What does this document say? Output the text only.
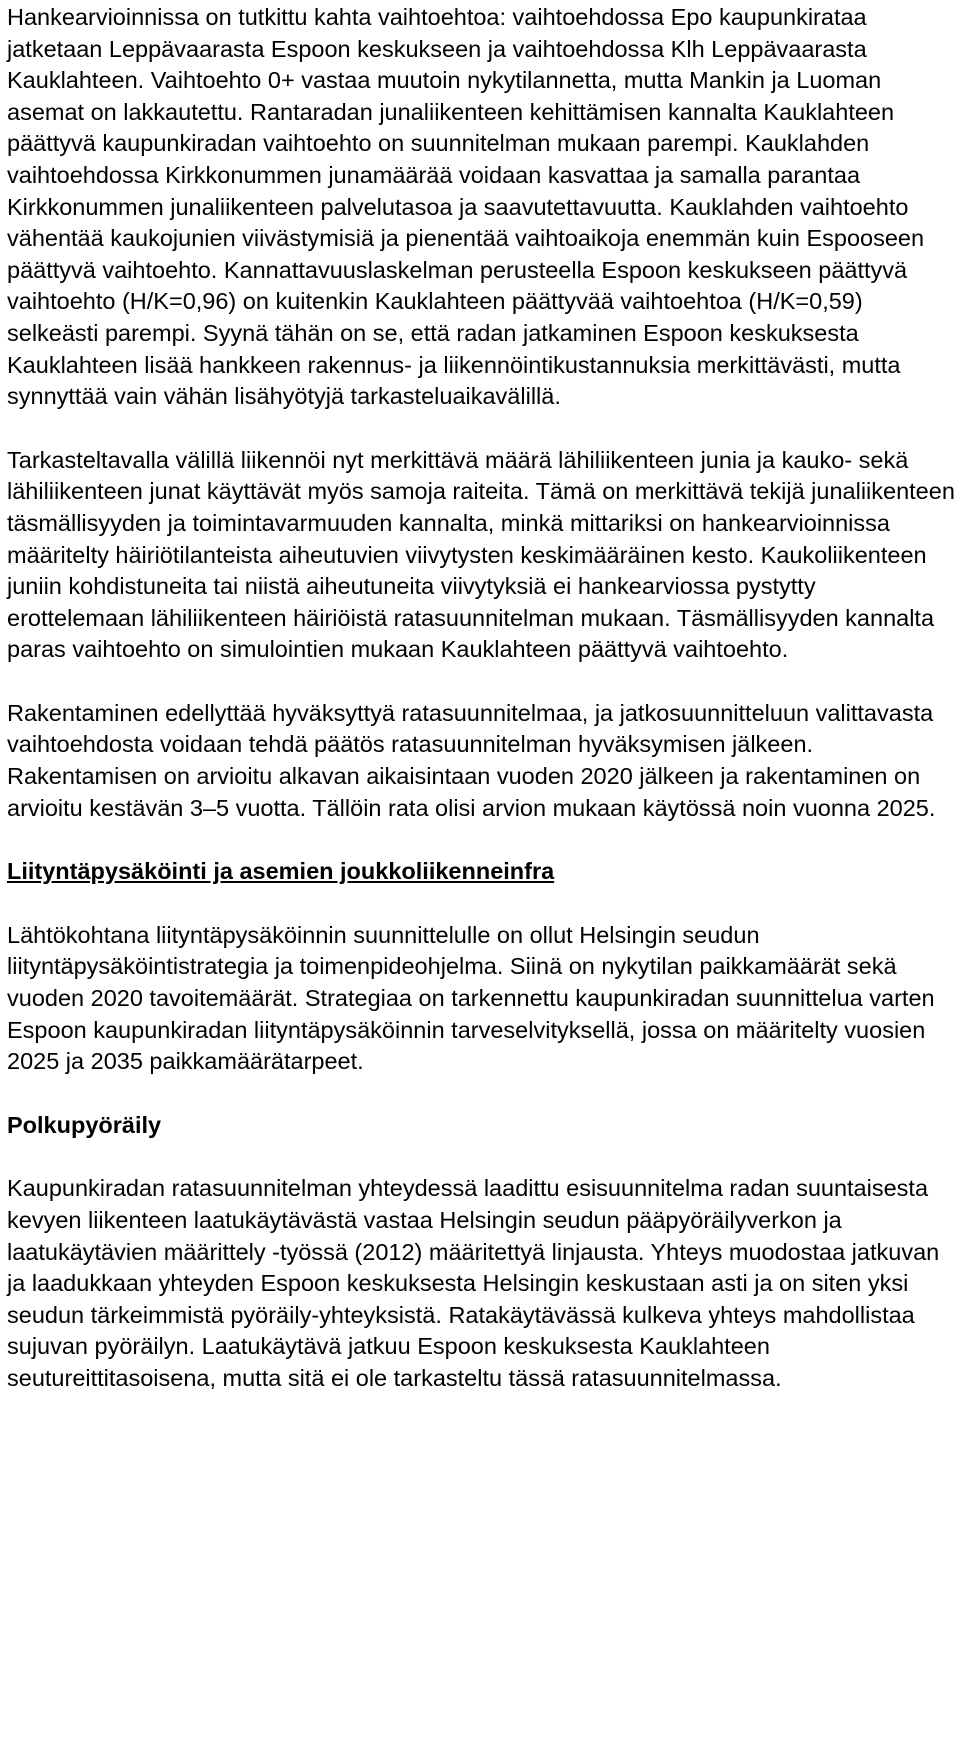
Hankearvioinnissa on tutkittu kahta vaihtoehtoa: vaihtoehdossa Epo kaupunkirataa jatketaan Leppävaarasta Espoon keskukseen ja vaihtoehdossa Klh Leppävaarasta Kauklahteen. Vaihtoehto 0+ vastaa muutoin nykytilannetta, mutta Mankin ja Luoman asemat on lakkautettu. Rantaradan junaliikenteen kehittämisen kannalta Kauklahteen päättyvä kaupunkiradan vaihtoehto on suunnitelman mukaan parempi. Kauklahden vaihtoehdossa Kirkkonummen junamäärää voidaan kasvattaa ja samalla parantaa Kirkkonummen junaliikenteen palvelutasoa ja saavutettavuutta. Kauklahden vaihtoehto vähentää kaukojunien viivästymisiä ja pienentää vaihtoaikoja enemmän kuin Espooseen päättyvä vaihtoehto. Kannattavuuslaskelman perusteella Espoon keskukseen päättyvä vaihtoehto (H/K=0,96) on kuitenkin Kauklahteen päättyvää vaihtoehtoa (H/K=0,59) selkeästi parempi. Syynä tähän on se, että radan jatkaminen Espoon keskuksesta Kauklahteen lisää hankkeen rakennus- ja liikennöintikustannuksia merkittävästi, mutta synnyttää vain vähän lisähyötyjä tarkasteluaikavälillä.

Tarkasteltavalla välillä liikennöi nyt merkittävä määrä lähiliikenteen junia ja kauko- sekä lähiliikenteen junat käyttävät myös samoja raiteita. Tämä on merkittävä tekijä junaliikenteen täsmällisyyden ja toimintavarmuuden kannalta, minkä mittariksi on hankearvioinnissa määritelty häiriötilanteista aiheutuvien viivytysten keskimääräinen kesto. Kaukoliikenteen juniin kohdistuneita tai niistä aiheutuneita viivytyksiä ei hankearviossa pystytty erottelemaan lähiliikenteen häiriöistä ratasuunnitelman mukaan. Täsmällisyyden kannalta paras vaihtoehto on simulointien mukaan Kauklahteen päättyvä vaihtoehto.

Rakentaminen edellyttää hyväksyttyä ratasuunnitelmaa, ja jatkosuunnitteluun valittavasta vaihtoehdosta voidaan tehdä päätös ratasuunnitelman hyväksymisen jälkeen. Rakentamisen on arvioitu alkavan aikaisintaan vuoden 2020 jälkeen ja rakentaminen on arvioitu kestävän 3–5 vuotta. Tällöin rata olisi arvion mukaan käytössä noin vuonna 2025.

Liityntäpysäköinti ja asemien joukkoliikenneinfra

Lähtökohtana liityntäpysäköinnin suunnittelulle on ollut Helsingin seudun liityntäpysäköintistrategia ja toimenpideohjelma. Siinä on nykytilan paikkamäärät sekä vuoden 2020 tavoitemäärät. Strategiaa on tarkennettu kaupunkiradan suunnittelua varten Espoon kaupunkiradan liityntäpysäköinnin tarveselvityksellä, jossa on määritelty vuosien 2025 ja 2035 paikkamäärätarpeet.

Polkupyöräily

Kaupunkiradan ratasuunnitelman yhteydessä laadittu esisuunnitelma radan suuntaisesta kevyen liikenteen laatukäytävästä vastaa Helsingin seudun pääpyöräilyverkon ja laatukäytävien määrittely -työssä (2012) määritettyä linjausta. Yhteys muodostaa jatkuvan ja laadukkaan yhteyden Espoon keskuksesta Helsingin keskustaan asti ja on siten yksi seudun tärkeimmistä pyöräily-yhteyksistä. Ratakäytävässä kulkeva yhteys mahdollistaa sujuvan pyöräilyn. Laatukäytävä jatkuu Espoon keskuksesta Kauklahteen seutureittitasoisena, mutta sitä ei ole tarkasteltu tässä ratasuunnitelmassa.
